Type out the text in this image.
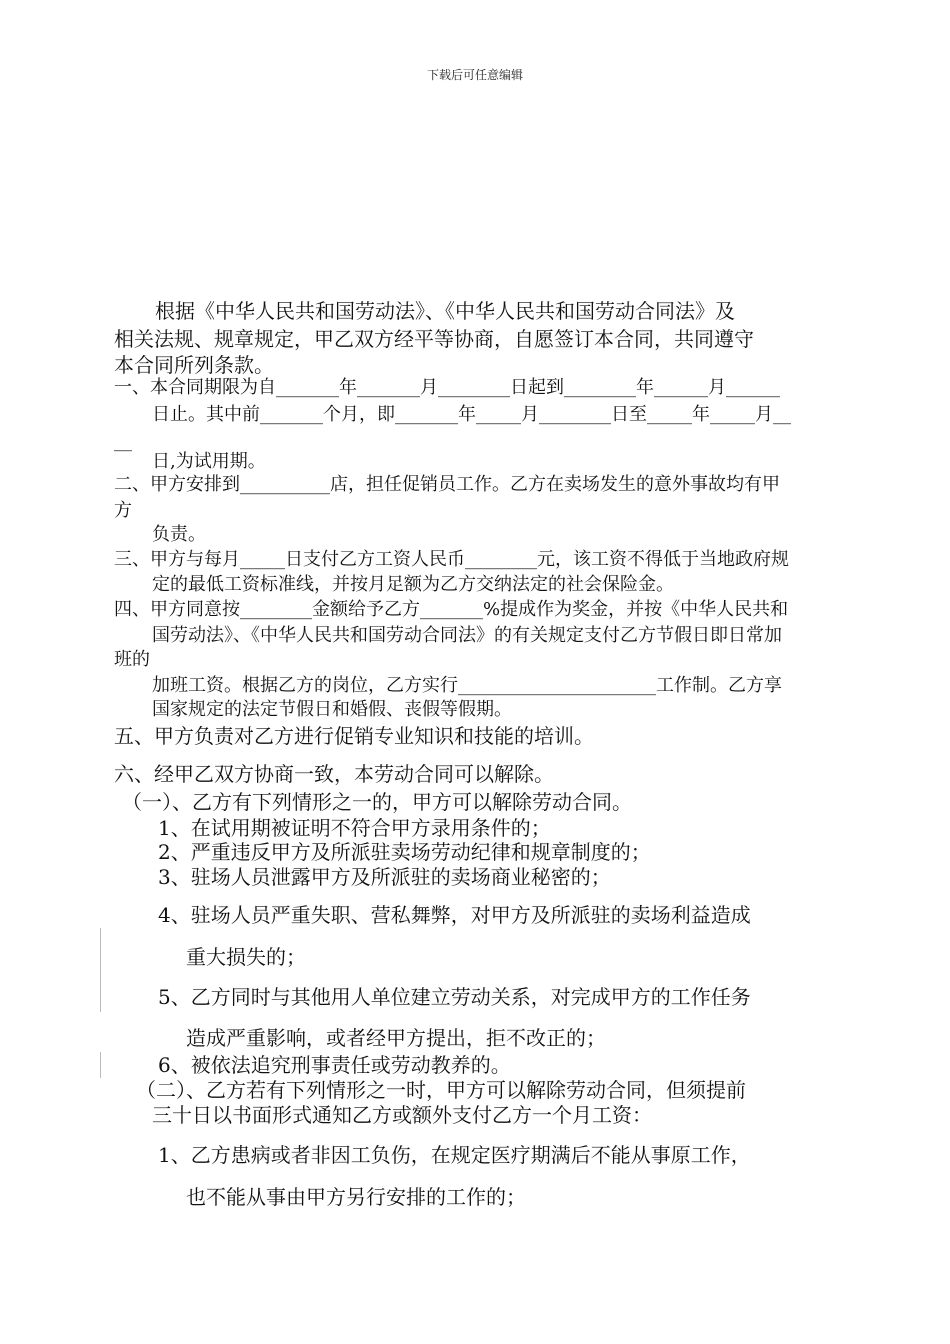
下载后可任意编辑
根据《中华人民共和国劳动法》、《中华人民共和国劳动合同法》及
相关法规、规章规定，甲乙双方经平等协商，自愿签订本合同，共同遵守
本合同所列条款。
一、本合同期限为自_______年_______月________日起到________年______月______
日止。其中前_______个月，即_______年_____月________日至_____年_____月__
__
日,为试用期。
二、甲方安排到__________店，担任促销员工作。乙方在卖场发生的意外事故均有甲
方
负责。
三、甲方与每月_____日支付乙方工资人民币________元，该工资不得低于当地政府规
定的最低工资标准线，并按月足额为乙方交纳法定的社会保险金。
四、甲方同意按________金额给予乙方_______%提成作为奖金，并按《中华人民共和
国劳动法》、《中华人民共和国劳动合同法》的有关规定支付乙方节假日即日常加
班的
加班工资。根据乙方的岗位，乙方实行______________________工作制。乙方享
国家规定的法定节假日和婚假、丧假等假期。
五、甲方负责对乙方进行促销专业知识和技能的培训。
六、经甲乙双方协商一致，本劳动合同可以解除。
（一）、乙方有下列情形之一的，甲方可以解除劳动合同。
1、在试用期被证明不符合甲方录用条件的；
2、严重违反甲方及所派驻卖场劳动纪律和规章制度的；
3、驻场人员泄露甲方及所派驻的卖场商业秘密的；
4、驻场人员严重失职、营私舞弊，对甲方及所派驻的卖场利益造成
重大损失的；
5、乙方同时与其他用人单位建立劳动关系，对完成甲方的工作任务
造成严重影响，或者经甲方提出，拒不改正的；
6、被依法追究刑事责任或劳动教养的。
（二）、乙方若有下列情形之一时，甲方可以解除劳动合同，但须提前
三十日以书面形式通知乙方或额外支付乙方一个月工资：
1、乙方患病或者非因工负伤，在规定医疗期满后不能从事原工作，
也不能从事由甲方另行安排的工作的；
